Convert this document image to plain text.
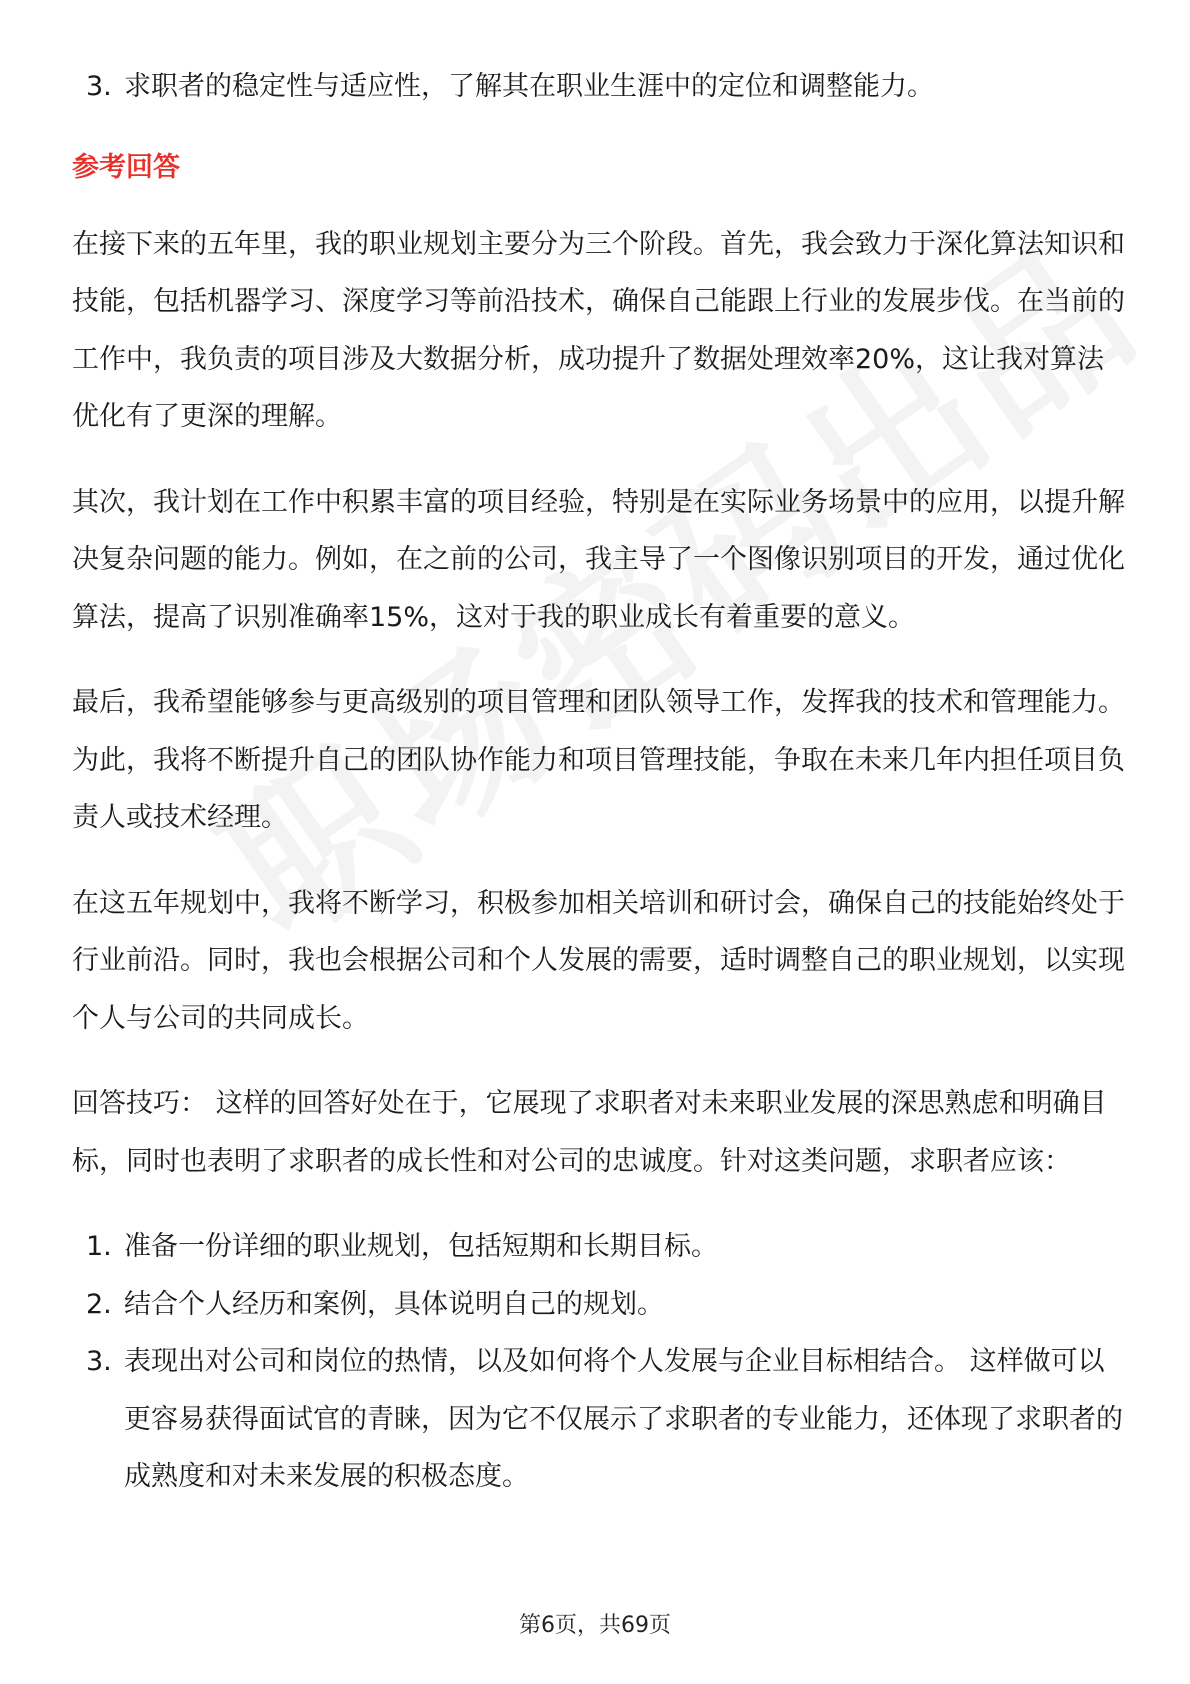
3. 求职者的稳定性与适应性，了解其在职业生涯中的定位和调整能力。
参考回答

在接下来的五年里，我的职业规划主要分为三个阶段。首先，我会致力于深化算法知识和技能，包括机器学习、深度学习等前沿技术，确保自己能跟上行业的发展步伐。在当前的工作中，我负责的项目涉及大数据分析，成功提升了数据处理效率20%，这让我对算法优化有了更深的理解。

其次，我计划在工作中积累丰富的项目经验，特别是在实际业务场景中的应用，以提升解决复杂问题的能力。例如，在之前的公司，我主导了一个图像识别项目的开发，通过优化算法，提高了识别准确率15%，这对于我的职业成长有着重要的意义。

最后，我希望能够参与更高级别的项目管理和团队领导工作，发挥我的技术和管理能力。为此，我将不断提升自己的团队协作能力和项目管理技能，争取在未来几年内担任项目负责人或技术经理。

在这五年规划中，我将不断学习，积极参加相关培训和研讨会，确保自己的技能始终处于行业前沿。同时，我也会根据公司和个人发展的需要，适时调整自己的职业规划，以实现个人与公司的共同成长。

回答技巧： 这样的回答好处在于，它展现了求职者对未来职业发展的深思熟虑和明确目标，同时也表明了求职者的成长性和对公司的忠诚度。针对这类问题，求职者应该：

1. 准备一份详细的职业规划，包括短期和长期目标。
2. 结合个人经历和案例，具体说明自己的规划。
3. 表现出对公司和岗位的热情，以及如何将个人发展与企业目标相结合。 这样做可以更容易获得面试官的青睐，因为它不仅展示了求职者的专业能力，还体现了求职者的成熟度和对未来发展的积极态度。
第6页，共69页
